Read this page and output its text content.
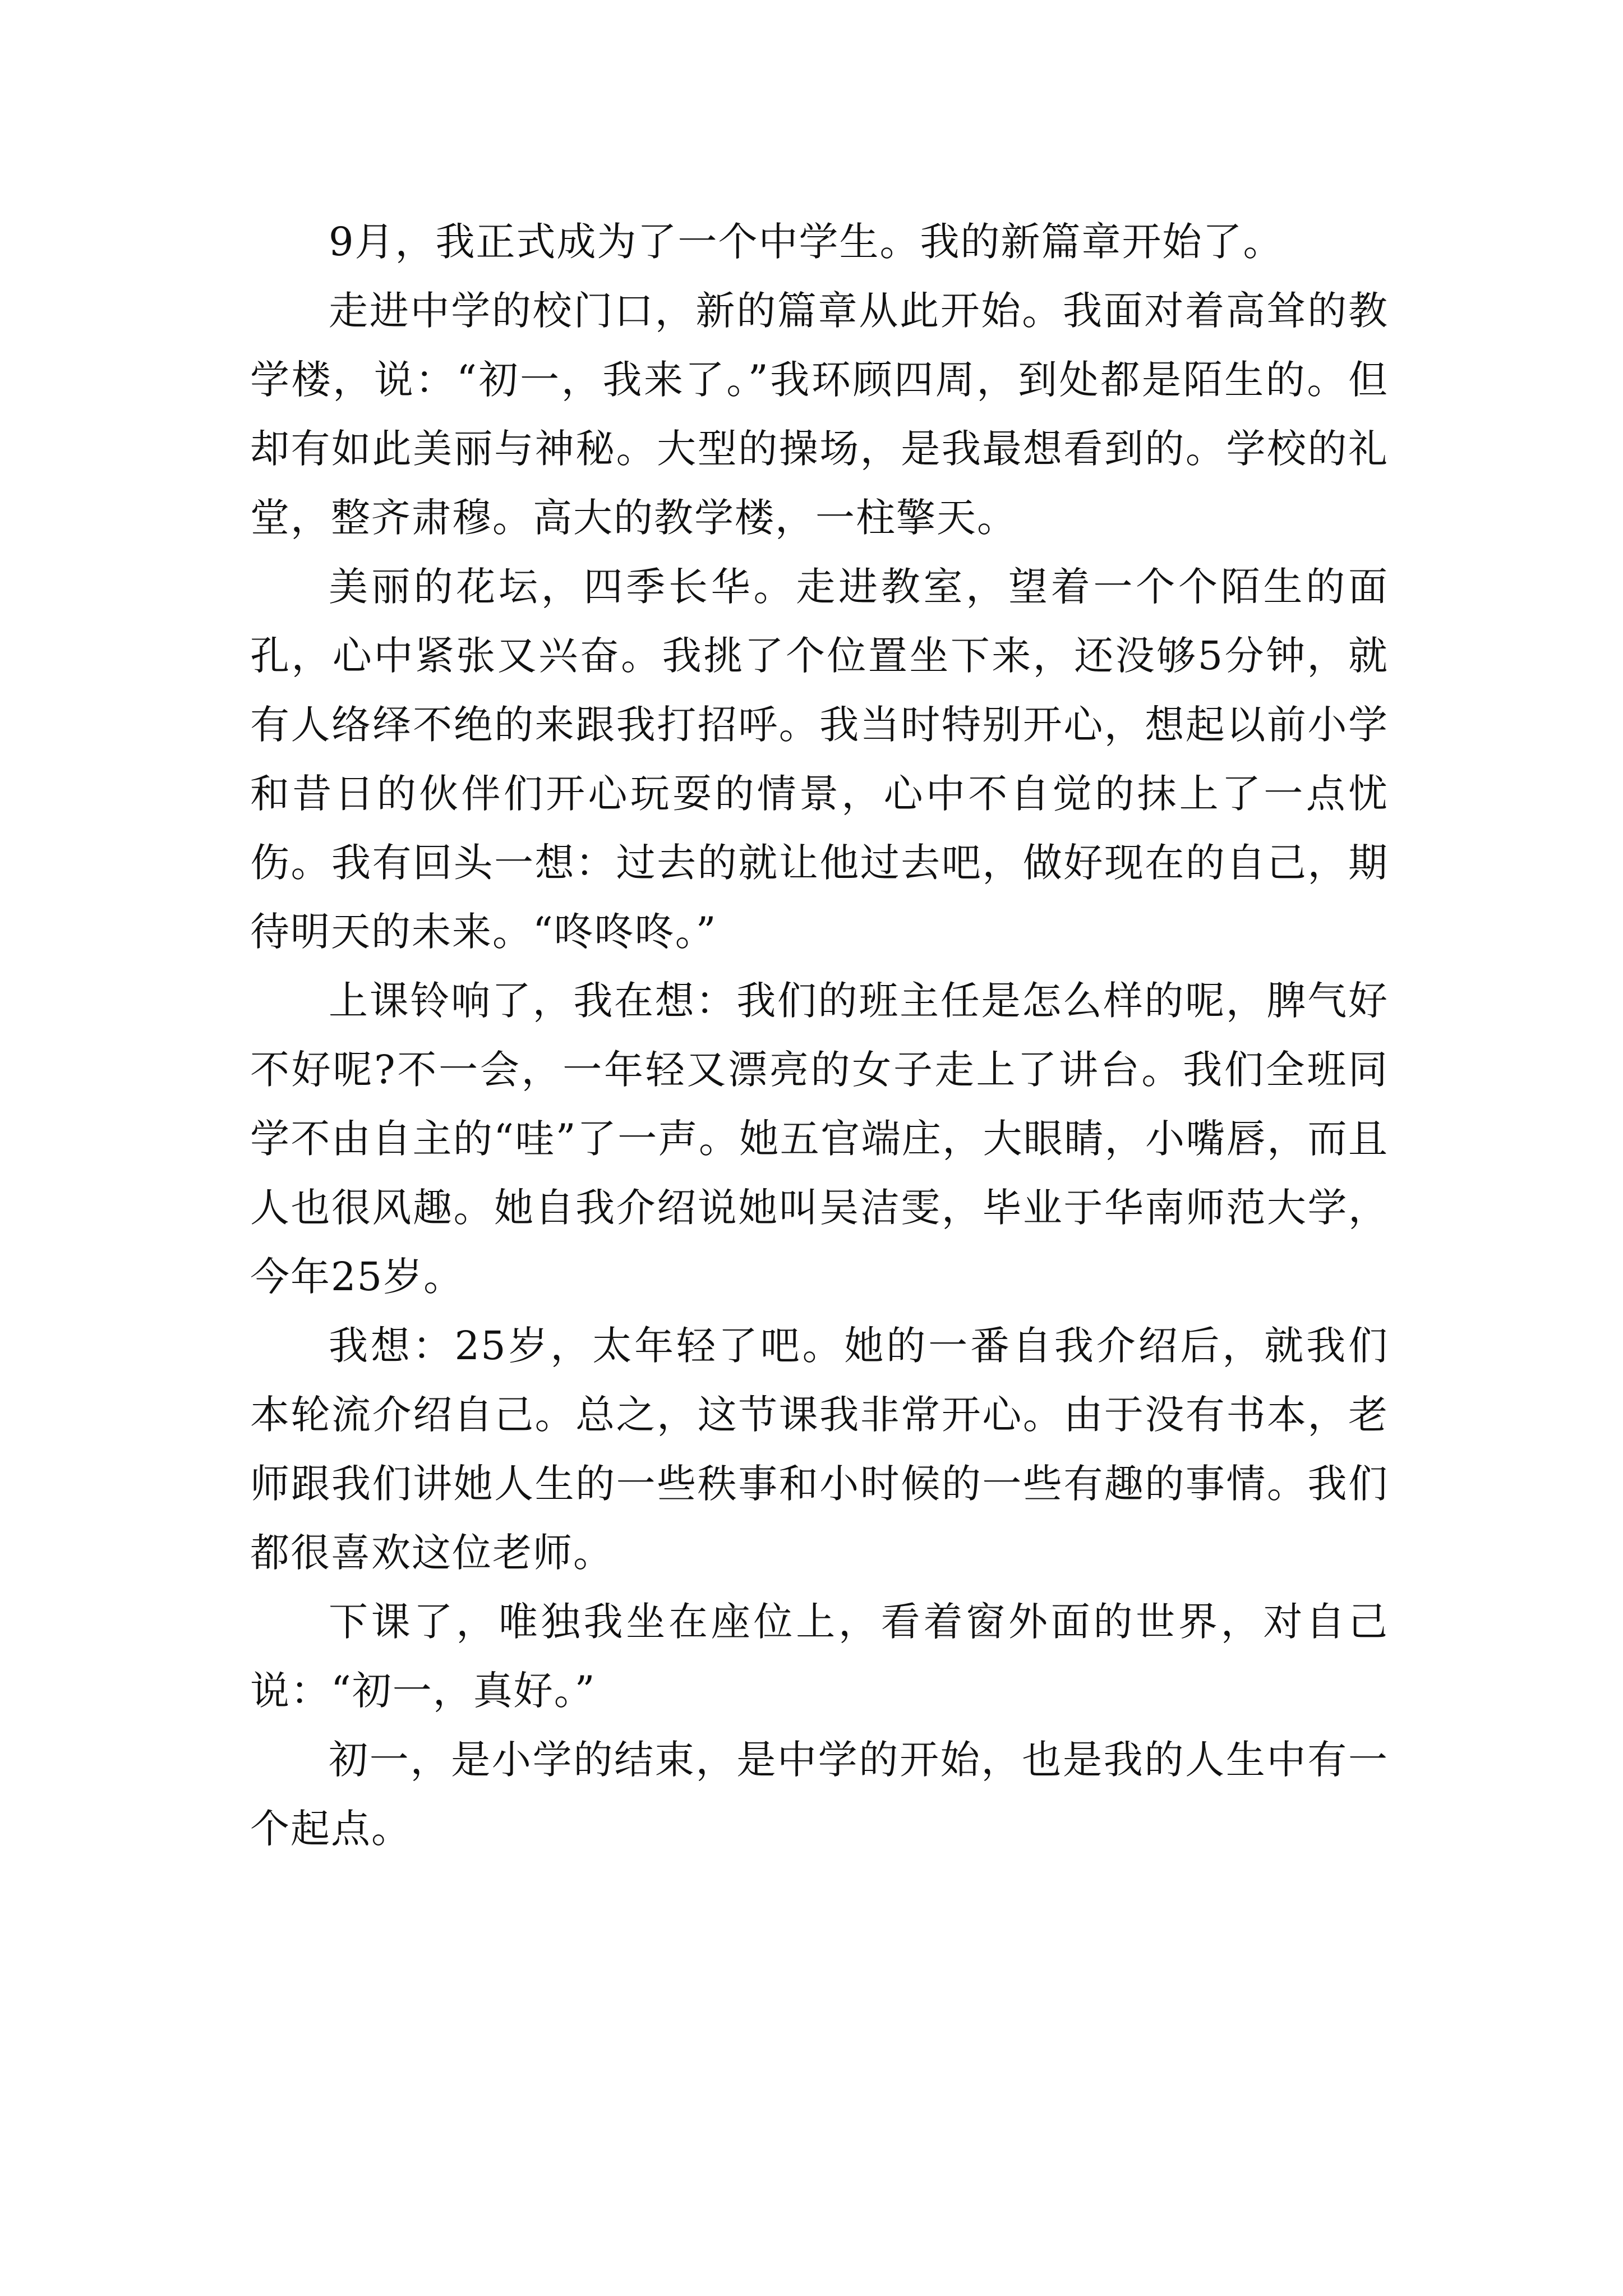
9月，我正式成为了一个中学生。我的新篇章开始了。

走进中学的校门口，新的篇章从此开始。我面对着高耸的教学楼，说：“初一，我来了。”我环顾四周，到处都是陌生的。但却有如此美丽与神秘。大型的操场，是我最想看到的。学校的礼堂，整齐肃穆。高大的教学楼，一柱擎天。

美丽的花坛，四季长华。走进教室，望着一个个陌生的面孔，心中紧张又兴奋。我挑了个位置坐下来，还没够5分钟，就有人络绎不绝的来跟我打招呼。我当时特别开心，想起以前小学和昔日的伙伴们开心玩耍的情景，心中不自觉的抹上了一点忧伤。我有回头一想：过去的就让他过去吧，做好现在的自己，期待明天的未来。“咚咚咚。”

上课铃响了，我在想：我们的班主任是怎么样的呢，脾气好不好呢?不一会，一年轻又漂亮的女子走上了讲台。我们全班同学不由自主的“哇”了一声。她五官端庄，大眼睛，小嘴唇，而且人也很风趣。她自我介绍说她叫吴洁雯，毕业于华南师范大学，今年25岁。

我想：25岁，太年轻了吧。她的一番自我介绍后，就我们本轮流介绍自己。总之，这节课我非常开心。由于没有书本，老师跟我们讲她人生的一些秩事和小时候的一些有趣的事情。我们都很喜欢这位老师。

下课了，唯独我坐在座位上，看着窗外面的世界，对自己说：“初一，真好。”

初一，是小学的结束，是中学的开始，也是我的人生中有一个起点。
